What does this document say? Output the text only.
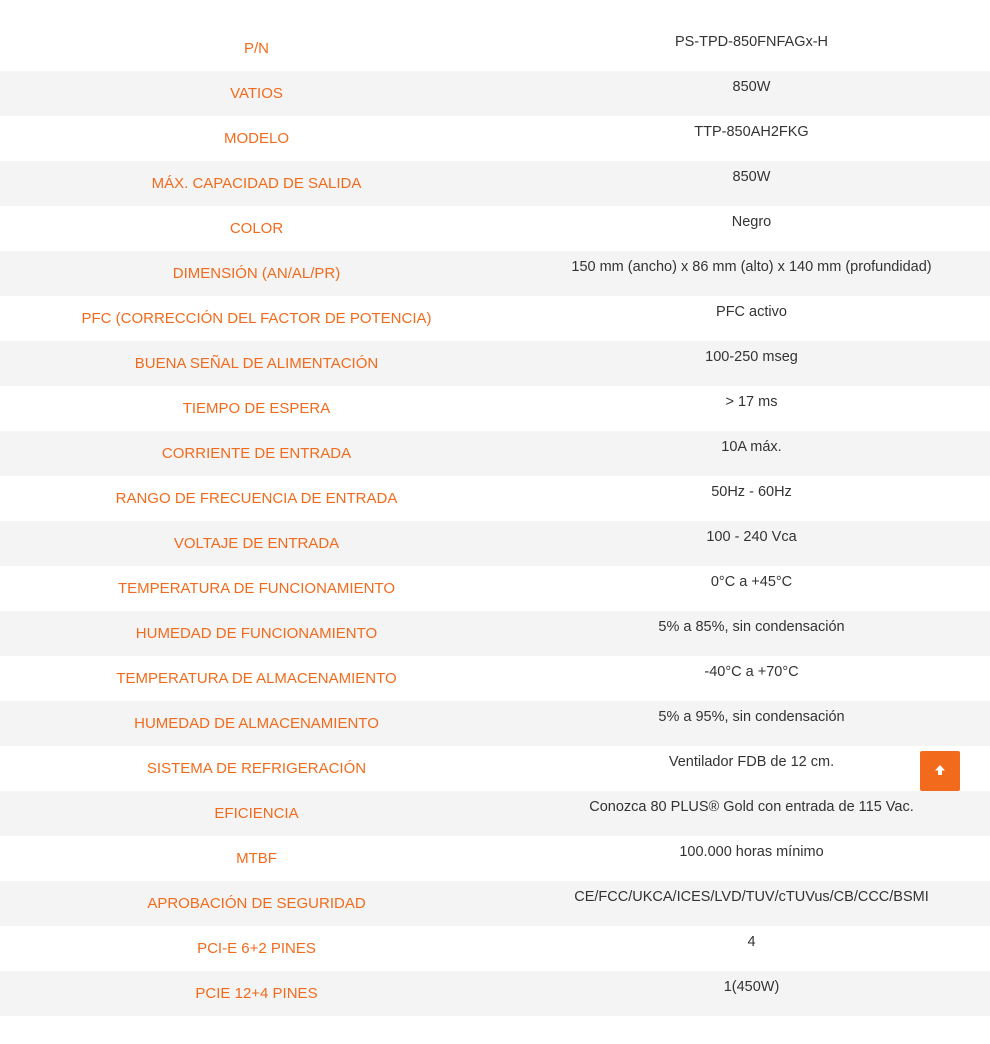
P/N	PS-TPD-850FNFAGx-H
VATIOS	850W
MODELO	TTP-850AH2FKG
MÁX. CAPACIDAD DE SALIDA	850W
COLOR	Negro
DIMENSIÓN (AN/AL/PR)	150 mm (ancho) x 86 mm (alto) x 140 mm (profundidad)
PFC (CORRECCIÓN DEL FACTOR DE POTENCIA)	PFC activo
BUENA SEÑAL DE ALIMENTACIÓN	100-250 mseg
TIEMPO DE ESPERA	> 17 ms
CORRIENTE DE ENTRADA	10A máx.
RANGO DE FRECUENCIA DE ENTRADA	50Hz - 60Hz
VOLTAJE DE ENTRADA	100 - 240 Vca
TEMPERATURA DE FUNCIONAMIENTO	0°C a +45°C
HUMEDAD DE FUNCIONAMIENTO	5% a 85%, sin condensación
TEMPERATURA DE ALMACENAMIENTO	-40°C a +70°C
HUMEDAD DE ALMACENAMIENTO	5% a 95%, sin condensación
SISTEMA DE REFRIGERACIÓN	Ventilador FDB de 12 cm.
EFICIENCIA	Conozca 80 PLUS® Gold con entrada de 115 Vac.
MTBF	100.000 horas mínimo
APROBACIÓN DE SEGURIDAD	CE/FCC/UKCA/ICES/LVD/TUV/cTUVus/CB/CCC/BSMI
PCI-E 6+2 PINES	4
PCIE 12+4 PINES	1(450W)
